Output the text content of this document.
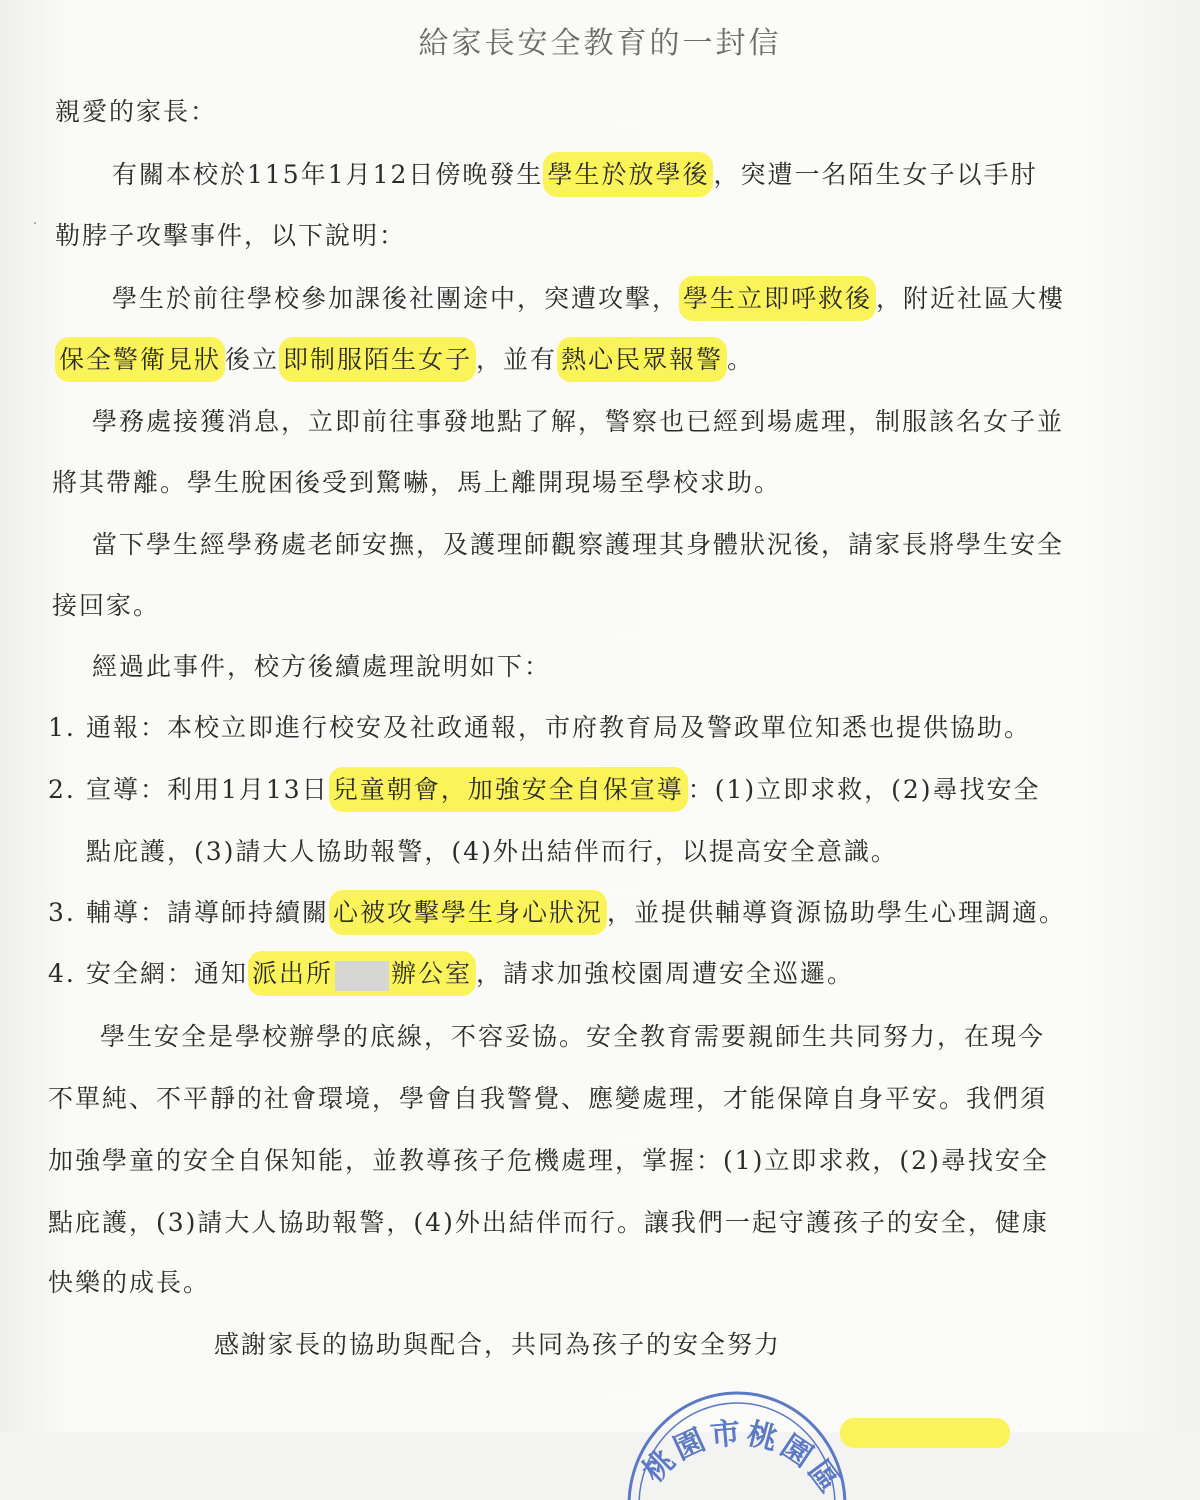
給家長安全教育的一封信
親愛的家長：
有關本校於115年1月12日傍晚發生 學生於放學後 ，突遭一名陌生女子以手肘
勒脖子攻擊事件，以下說明：
學生於前往學校參加課後社團途中，突遭攻擊， 學生立即呼救後 ，附近社區大樓
保全警衛見狀 後立 即制服陌生女子 ，並有 熱心民眾報警 。
學務處接獲消息，立即前往事發地點了解，警察也已經到場處理，制服該名女子並
將其帶離。學生脫困後受到驚嚇，馬上離開現場至學校求助。
當下學生經學務處老師安撫，及護理師觀察護理其身體狀況後，請家長將學生安全
接回家。
經過此事件，校方後續處理說明如下：
1. 通報：本校立即進行校安及社政通報，市府教育局及警政單位知悉也提供協助。
2. 宣導：利用1月13日 兒童朝會，加強安全自保宣導 ：(1)立即求救，(2)尋找安全
點庇護，(3)請大人協助報警，(4)外出結伴而行，以提高安全意識。
3. 輔導：請導師持續關 心被攻擊學生身心狀況 ，並提供輔導資源協助學生心理調適。
4. 安全網：通知 派出所 辦公室 ，請求加強校園周遭安全巡邏。
學生安全是學校辦學的底線，不容妥協。安全教育需要親師生共同努力，在現今
不單純、不平靜的社會環境，學會自我警覺、應變處理，才能保障自身平安。我們須
加強學童的安全自保知能，並教導孩子危機處理，掌握：(1)立即求救，(2)尋找安全
點庇護，(3)請大人協助報警，(4)外出結伴而行。讓我們一起守護孩子的安全，健康
快樂的成長。
感謝家長的協助與配合，共同為孩子的安全努力
桃園市桃園區
